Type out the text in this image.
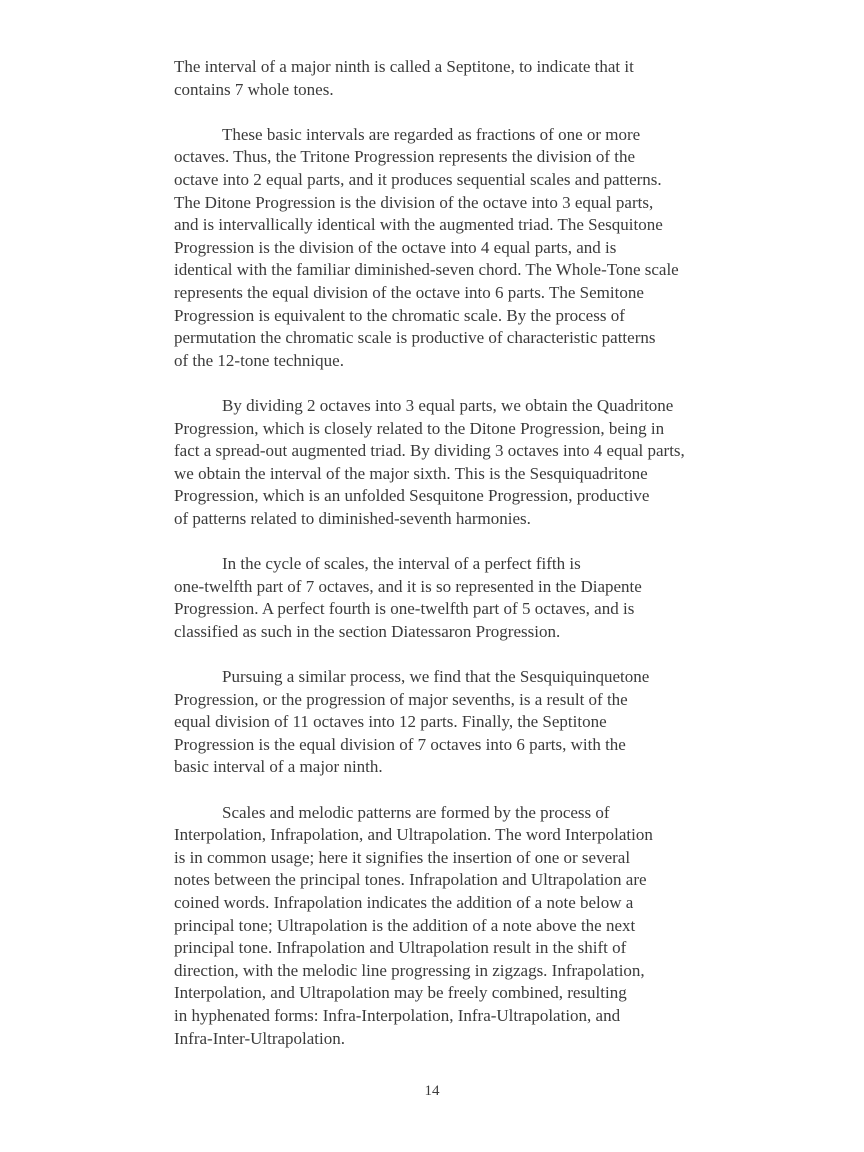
The interval of a major ninth is called a Septitone, to indicate that it
contains 7 whole tones.
These basic intervals are regarded as fractions of one or more
octaves. Thus, the Tritone Progression represents the division of the
octave into 2 equal parts, and it produces sequential scales and patterns.
The Ditone Progression is the division of the octave into 3 equal parts,
and is intervallically identical with the augmented triad. The Sesquitone
Progression is the division of the octave into 4 equal parts, and is
identical with the familiar diminished-seven chord. The Whole-Tone scale
represents the equal division of the octave into 6 parts. The Semitone
Progression is equivalent to the chromatic scale. By the process of
permutation the chromatic scale is productive of characteristic patterns
of the 12-tone technique.
By dividing 2 octaves into 3 equal parts, we obtain the Quadritone
Progression, which is closely related to the Ditone Progression, being in
fact a spread-out augmented triad. By dividing 3 octaves into 4 equal parts,
we obtain the interval of the major sixth. This is the Sesquiquadritone
Progression, which is an unfolded Sesquitone Progression, productive
of patterns related to diminished-seventh harmonies.
In the cycle of scales, the interval of a perfect fifth is
one-twelfth part of 7 octaves, and it is so represented in the Diapente
Progression. A perfect fourth is one-twelfth part of 5 octaves, and is
classified as such in the section Diatessaron Progression.
Pursuing a similar process, we find that the Sesquiquinquetone
Progression, or the progression of major sevenths, is a result of the
equal division of 11 octaves into 12 parts. Finally, the Septitone
Progression is the equal division of 7 octaves into 6 parts, with the
basic interval of a major ninth.
Scales and melodic patterns are formed by the process of
Interpolation, Infrapolation, and Ultrapolation. The word Interpolation
is in common usage; here it signifies the insertion of one or several
notes between the principal tones. Infrapolation and Ultrapolation are
coined words. Infrapolation indicates the addition of a note below a
principal tone; Ultrapolation is the addition of a note above the next
principal tone. Infrapolation and Ultrapolation result in the shift of
direction, with the melodic line progressing in zigzags. Infrapolation,
Interpolation, and Ultrapolation may be freely combined, resulting
in hyphenated forms: Infra-Interpolation, Infra-Ultrapolation, and
Infra-Inter-Ultrapolation.
14
